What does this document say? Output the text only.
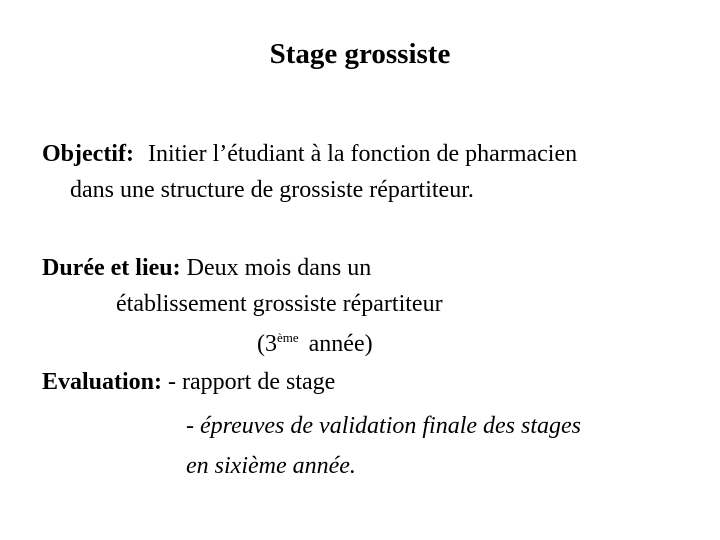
Stage grossiste
Objectif: Initier l’étudiant à la fonction de pharmacien
dans une structure de grossiste répartiteur.
Durée et lieu: Deux mois dans un
établissement grossiste répartiteur
(3ème année)
Evaluation: - rapport de stage
- épreuves de validation finale des stages
en sixième année.
